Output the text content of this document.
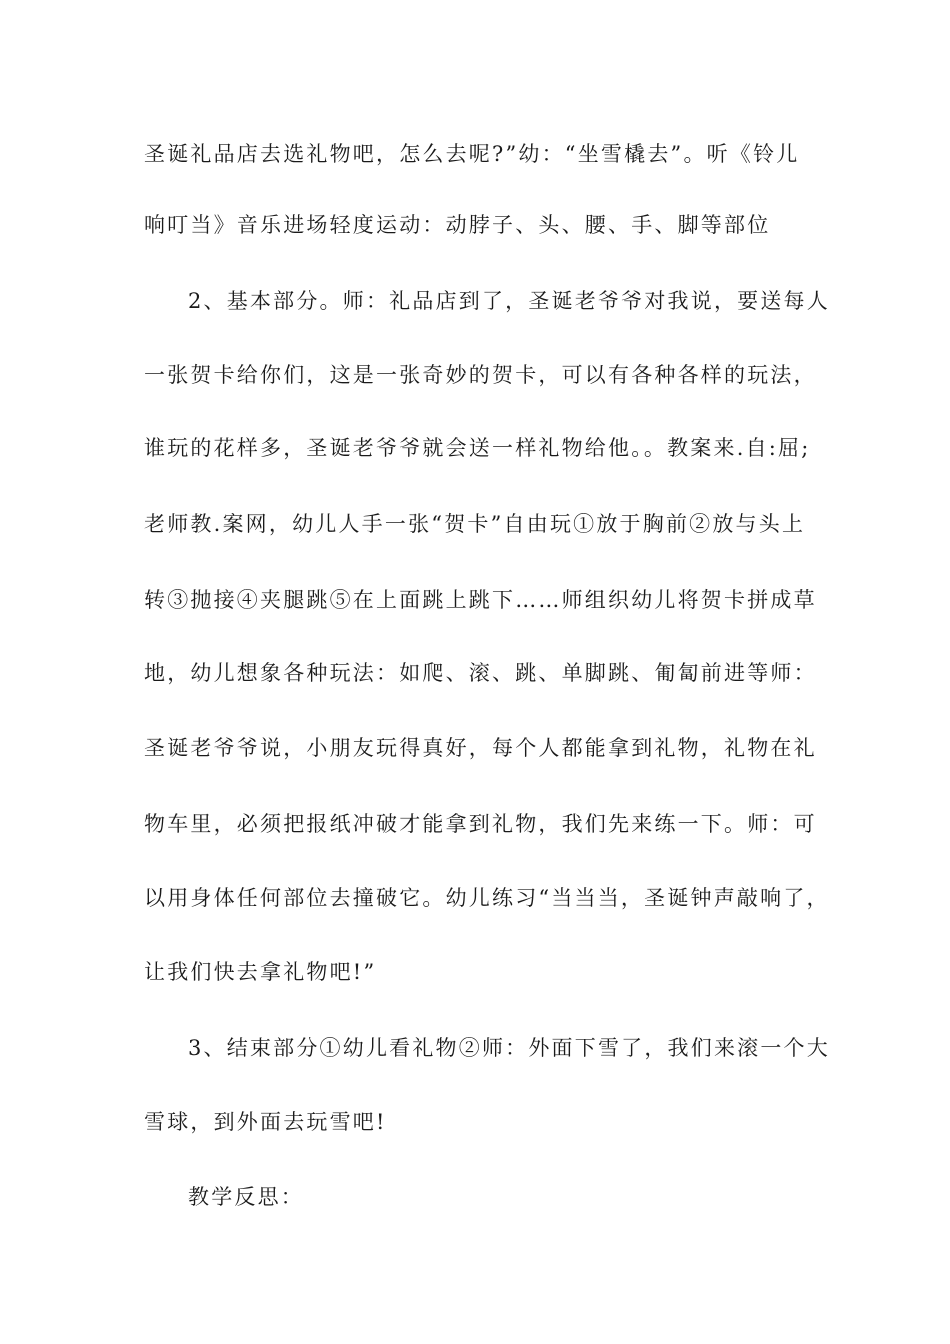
圣诞礼品店去选礼物吧，怎么去呢?”幼：“坐雪橇去”。听《铃儿
响叮当》音乐进场轻度运动：动脖子、头、腰、手、脚等部位
2、基本部分。师：礼品店到了，圣诞老爷爷对我说，要送每人
一张贺卡给你们，这是一张奇妙的贺卡，可以有各种各样的玩法，
谁玩的花样多，圣诞老爷爷就会送一样礼物给他。。教案来.自:屈;
老师教.案网，幼儿人手一张“贺卡”自由玩①放于胸前②放与头上
转③抛接④夹腿跳⑤在上面跳上跳下……师组织幼儿将贺卡拼成草
地，幼儿想象各种玩法：如爬、滚、跳、单脚跳、匍匐前进等师：
圣诞老爷爷说，小朋友玩得真好，每个人都能拿到礼物，礼物在礼
物车里，必须把报纸冲破才能拿到礼物，我们先来练一下。师：可
以用身体任何部位去撞破它。幼儿练习“当当当，圣诞钟声敲响了，
让我们快去拿礼物吧!”
3、结束部分①幼儿看礼物②师：外面下雪了，我们来滚一个大
雪球，到外面去玩雪吧!
教学反思：
